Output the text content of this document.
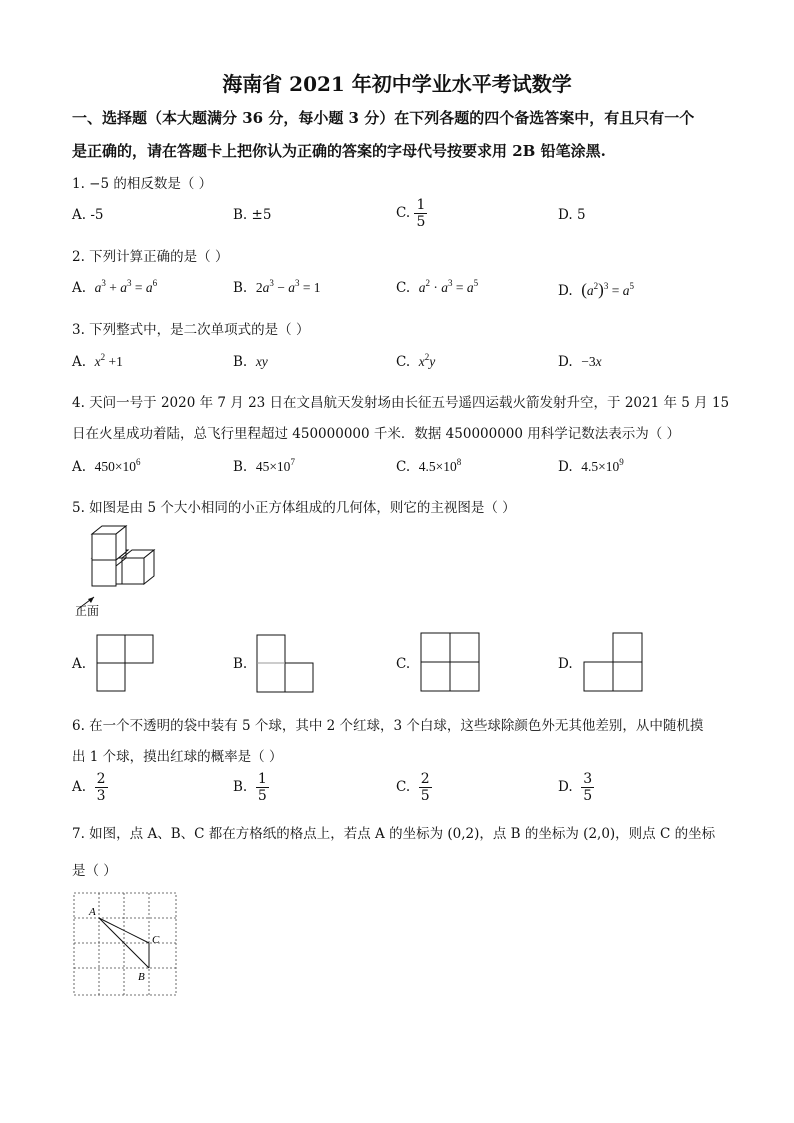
海南省 2021 年初中学业水平考试数学
一、选择题（本大题满分 36 分，每小题 3 分）在下列各题的四个备选答案中，有且只有一个
是正确的，请在答题卡上把你认为正确的答案的字母代号按要求用 2B 铅笔涂黑.
1. −5 的相反数是（ ）
A. -5	B. ±5	C. $\frac{1}{5}$	D. 5
2. 下列计算正确的是（ ）
A. $a^3 + a^3 = a^6$	B. $2a^3 - a^3 = 1$	C. $a^2 \cdot a^3 = a^5$	D. $(a^2)^3 = a^5$
3. 下列整式中，是二次单项式的是（ ）
A. $x^2 +1$	B. xy	C. $x^2y$	D. −3x
4. 天问一号于 2020 年 7 月 23 日在文昌航天发射场由长征五号遥四运载火箭发射升空，于 2021 年 5 月 15
日在火星成功着陆，总飞行里程超过 450000000 千米．数据 450000000 用科学记数法表示为（ ）
A. $450\times 10^6$	B. $45\times 10^7$	C. $4.5\times 10^8$	D. $4.5\times 10^9$
5. 如图是由 5 个大小相同的小正方体组成的几何体，则它的主视图是（ ）
正面
A.	B.	C.	D.
6. 在一个不透明的袋中装有 5 个球，其中 2 个红球，3 个白球，这些球除颜色外无其他差别，从中随机摸
出 1 个球，摸出红球的概率是（ ）
A. $\frac{2}{3}$	B. $\frac{1}{5}$	C. $\frac{2}{5}$	D. $\frac{3}{5}$
7. 如图，点 A、B、C 都在方格纸的格点上，若点 A 的坐标为 (0,2)，点 B 的坐标为 (2,0)，则点 C 的坐标
是（ ）
A
B
C
